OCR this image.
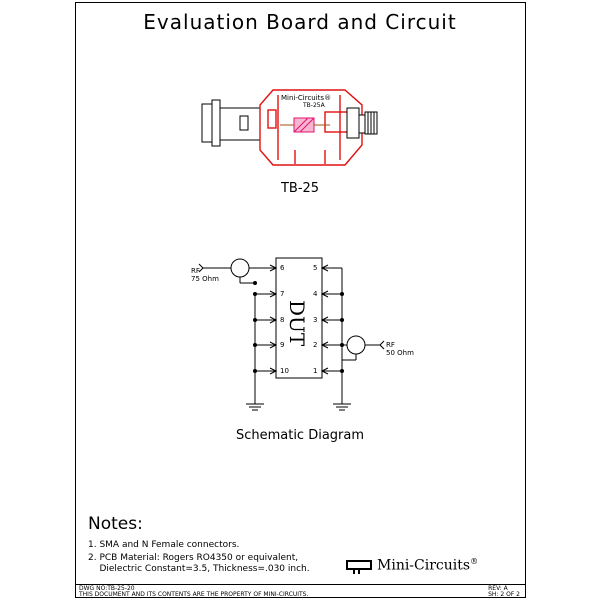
Evaluation Board and Circuit
Mini-Circuits®
TB-25A
TB-25
6
7
8
9
10
5
4
3
2
1
DUT
RF
75 Ohm
RF
50 Ohm
Schematic Diagram
Notes:
1. SMA and N Female connectors.
2. PCB Material: Rogers RO4350 or equivalent,
Dielectric Constant=3.5, Thickness=.030 inch.	Mini-Circuits®
DWG NO:TB-25-20
THIS DOCUMENT AND ITS CONTENTS ARE THE PROPERTY OF MINI-CIRCUITS.
REV: A
SH: 2 OF 2
